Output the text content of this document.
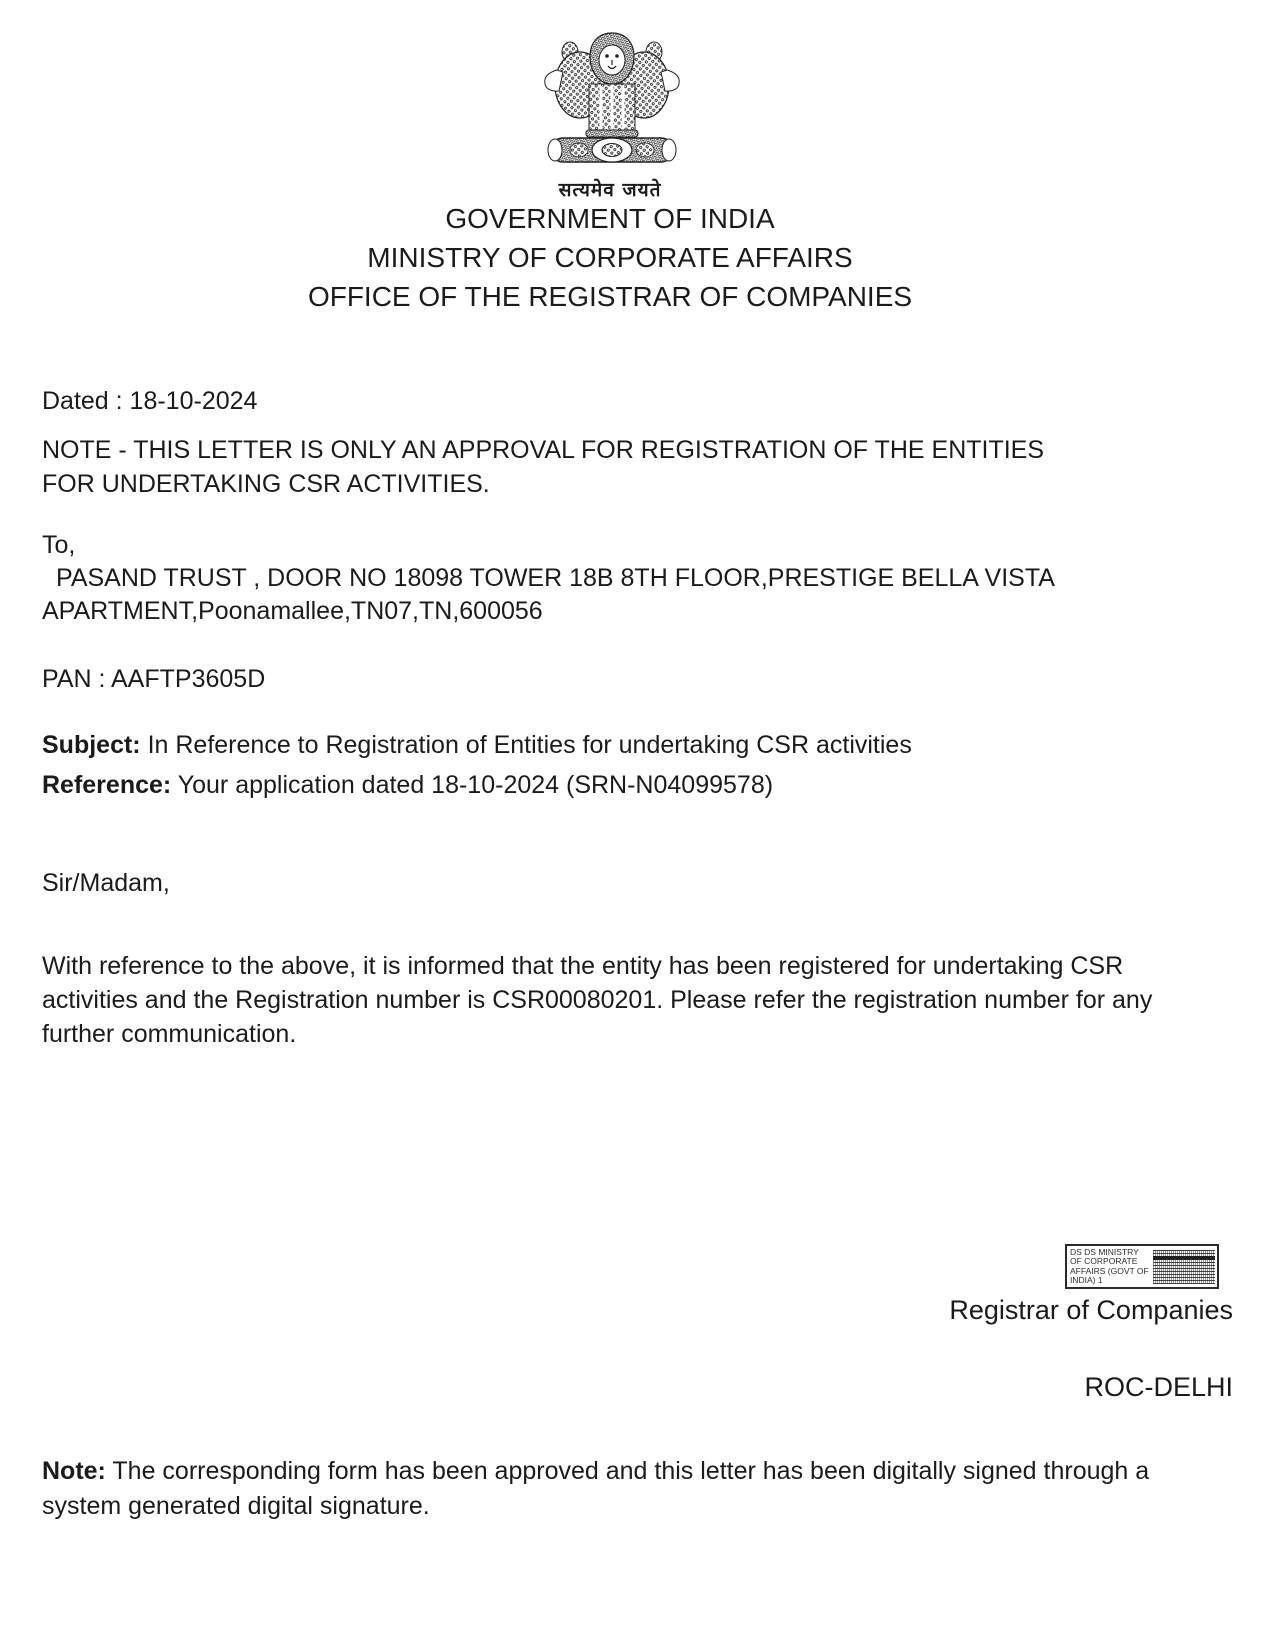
सत्यमेव जयते
GOVERNMENT OF INDIA
MINISTRY OF CORPORATE AFFAIRS
OFFICE OF THE REGISTRAR OF COMPANIES
Dated : 18-10-2024
NOTE - THIS LETTER IS ONLY AN APPROVAL FOR REGISTRATION OF THE ENTITIES FOR UNDERTAKING CSR ACTIVITIES.
To,
PASAND TRUST , DOOR NO 18098 TOWER 18B 8TH FLOOR,PRESTIGE BELLA VISTA APARTMENT,Poonamallee,TN07,TN,600056
PAN : AAFTP3605D

Subject: In Reference to Registration of Entities for undertaking CSR activities

Reference: Your application dated 18-10-2024 (SRN-N04099578)

Sir/Madam,
With reference to the above, it is informed that the entity has been registered for undertaking CSR activities and the Registration number is CSR00080201. Please refer the registration number for any further communication.
DS DS MINISTRY
OF CORPORATE
AFFAIRS (GOVT OF
INDIA) 1
Registrar of Companies
ROC-DELHI

Note: The corresponding form has been approved and this letter has been digitally signed through a system generated digital signature.
